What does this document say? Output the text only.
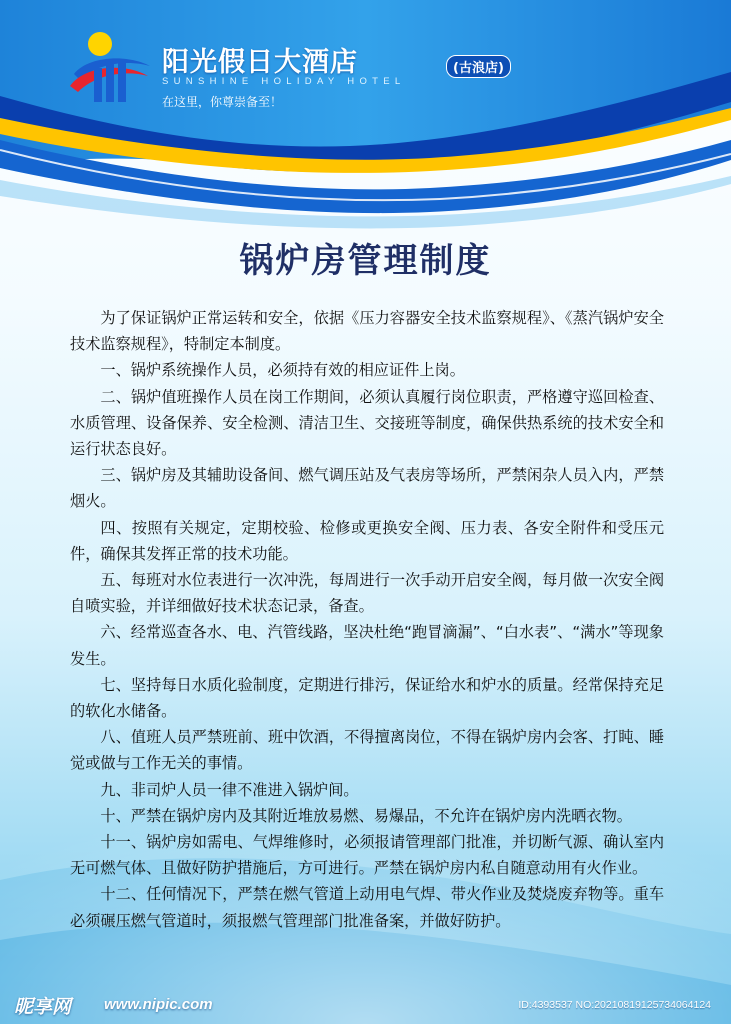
阳光假日大酒店	(古浪店)
SUNSHINE HOLIDAY HOTEL
在这里，你尊崇备至！
锅炉房管理制度

为了保证锅炉正常运转和安全，依据《压力容器安全技术监察规程》、《蒸汽锅炉安全技术监察规程》，特制定本制度。

一、锅炉系统操作人员，必须持有效的相应证件上岗。

二、锅炉值班操作人员在岗工作期间，必须认真履行岗位职责，严格遵守巡回检查、水质管理、设备保养、安全检测、清洁卫生、交接班等制度，确保供热系统的技术安全和运行状态良好。

三、锅炉房及其辅助设备间、燃气调压站及气表房等场所，严禁闲杂人员入内，严禁烟火。

四、按照有关规定，定期校验、检修或更换安全阀、压力表、各安全附件和受压元件，确保其发挥正常的技术功能。

五、每班对水位表进行一次冲洗，每周进行一次手动开启安全阀，每月做一次安全阀自喷实验，并详细做好技术状态记录，备查。

六、经常巡查各水、电、汽管线路，坚决杜绝“跑冒滴漏”、“白水表”、“满水”等现象发生。

七、坚持每日水质化验制度，定期进行排污，保证给水和炉水的质量。经常保持充足的软化水储备。

八、值班人员严禁班前、班中饮酒，不得擅离岗位，不得在锅炉房内会客、打盹、睡觉或做与工作无关的事情。

九、非司炉人员一律不准进入锅炉间。

十、严禁在锅炉房内及其附近堆放易燃、易爆品，不允许在锅炉房内洗晒衣物。

十一、锅炉房如需电、气焊维修时，必须报请管理部门批准，并切断气源、确认室内无可燃气体、且做好防护措施后，方可进行。严禁在锅炉房内私自随意动用有火作业。

十二、任何情况下，严禁在燃气管道上动用电气焊、带火作业及焚烧废弃物等。重车必须碾压燃气管道时，须报燃气管理部门批准备案，并做好防护。

昵享网 www.nipic.com	ID:4393537 NO:20210819125734064124
